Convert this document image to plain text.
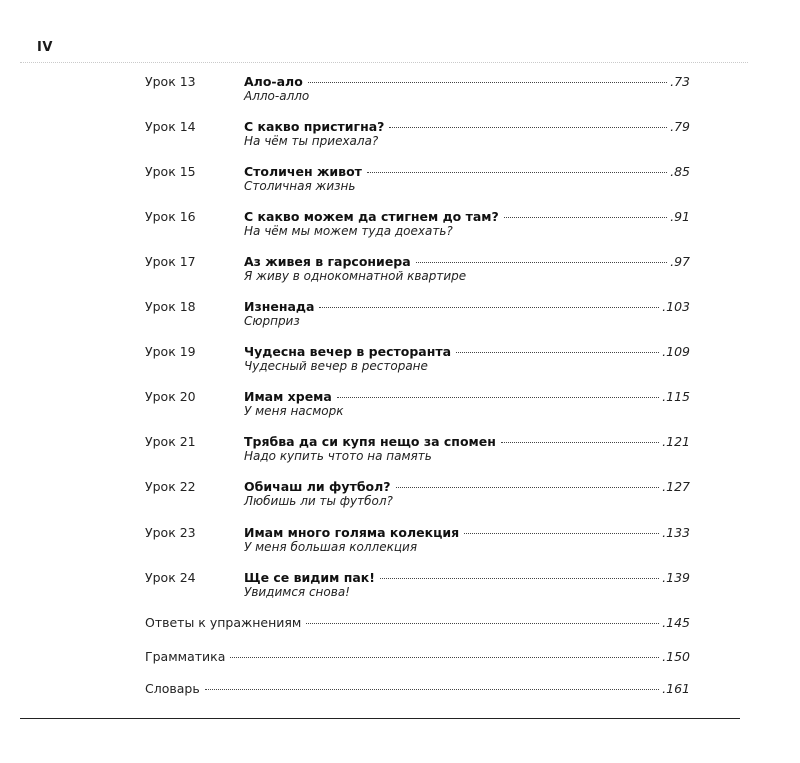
IV
Урок 13	Ало-ало	.73
Алло-алло
Урок 14	С какво пристигна?	.79
На чём ты приехала?
Урок 15	Столичен живот	.85
Столичная жизнь
Урок 16	С какво можем да стигнем до там?	.91
На чём мы можем туда доехать?
Урок 17	Аз живея в гарсониера	.97
Я живу в однокомнатной квартире
Урок 18	Изненада	.103
Сюрприз
Урок 19	Чудесна вечер в ресторанта	.109
Чудесный вечер в ресторане
Урок 20	Имам хрема	.115
У меня насморк
Урок 21	Трябва да си купя нещо за спомен	.121
Надо купить чтото на память
Урок 22	Обичаш ли футбол?	.127
Любишь ли ты футбол?
Урок 23	Имам много голяма колекция	.133
У меня большая коллекция
Урок 24	Ще се видим пак!	.139
Увидимся снова!
Ответы к упражнениям	.145
Грамматика	.150
Словарь	.161
